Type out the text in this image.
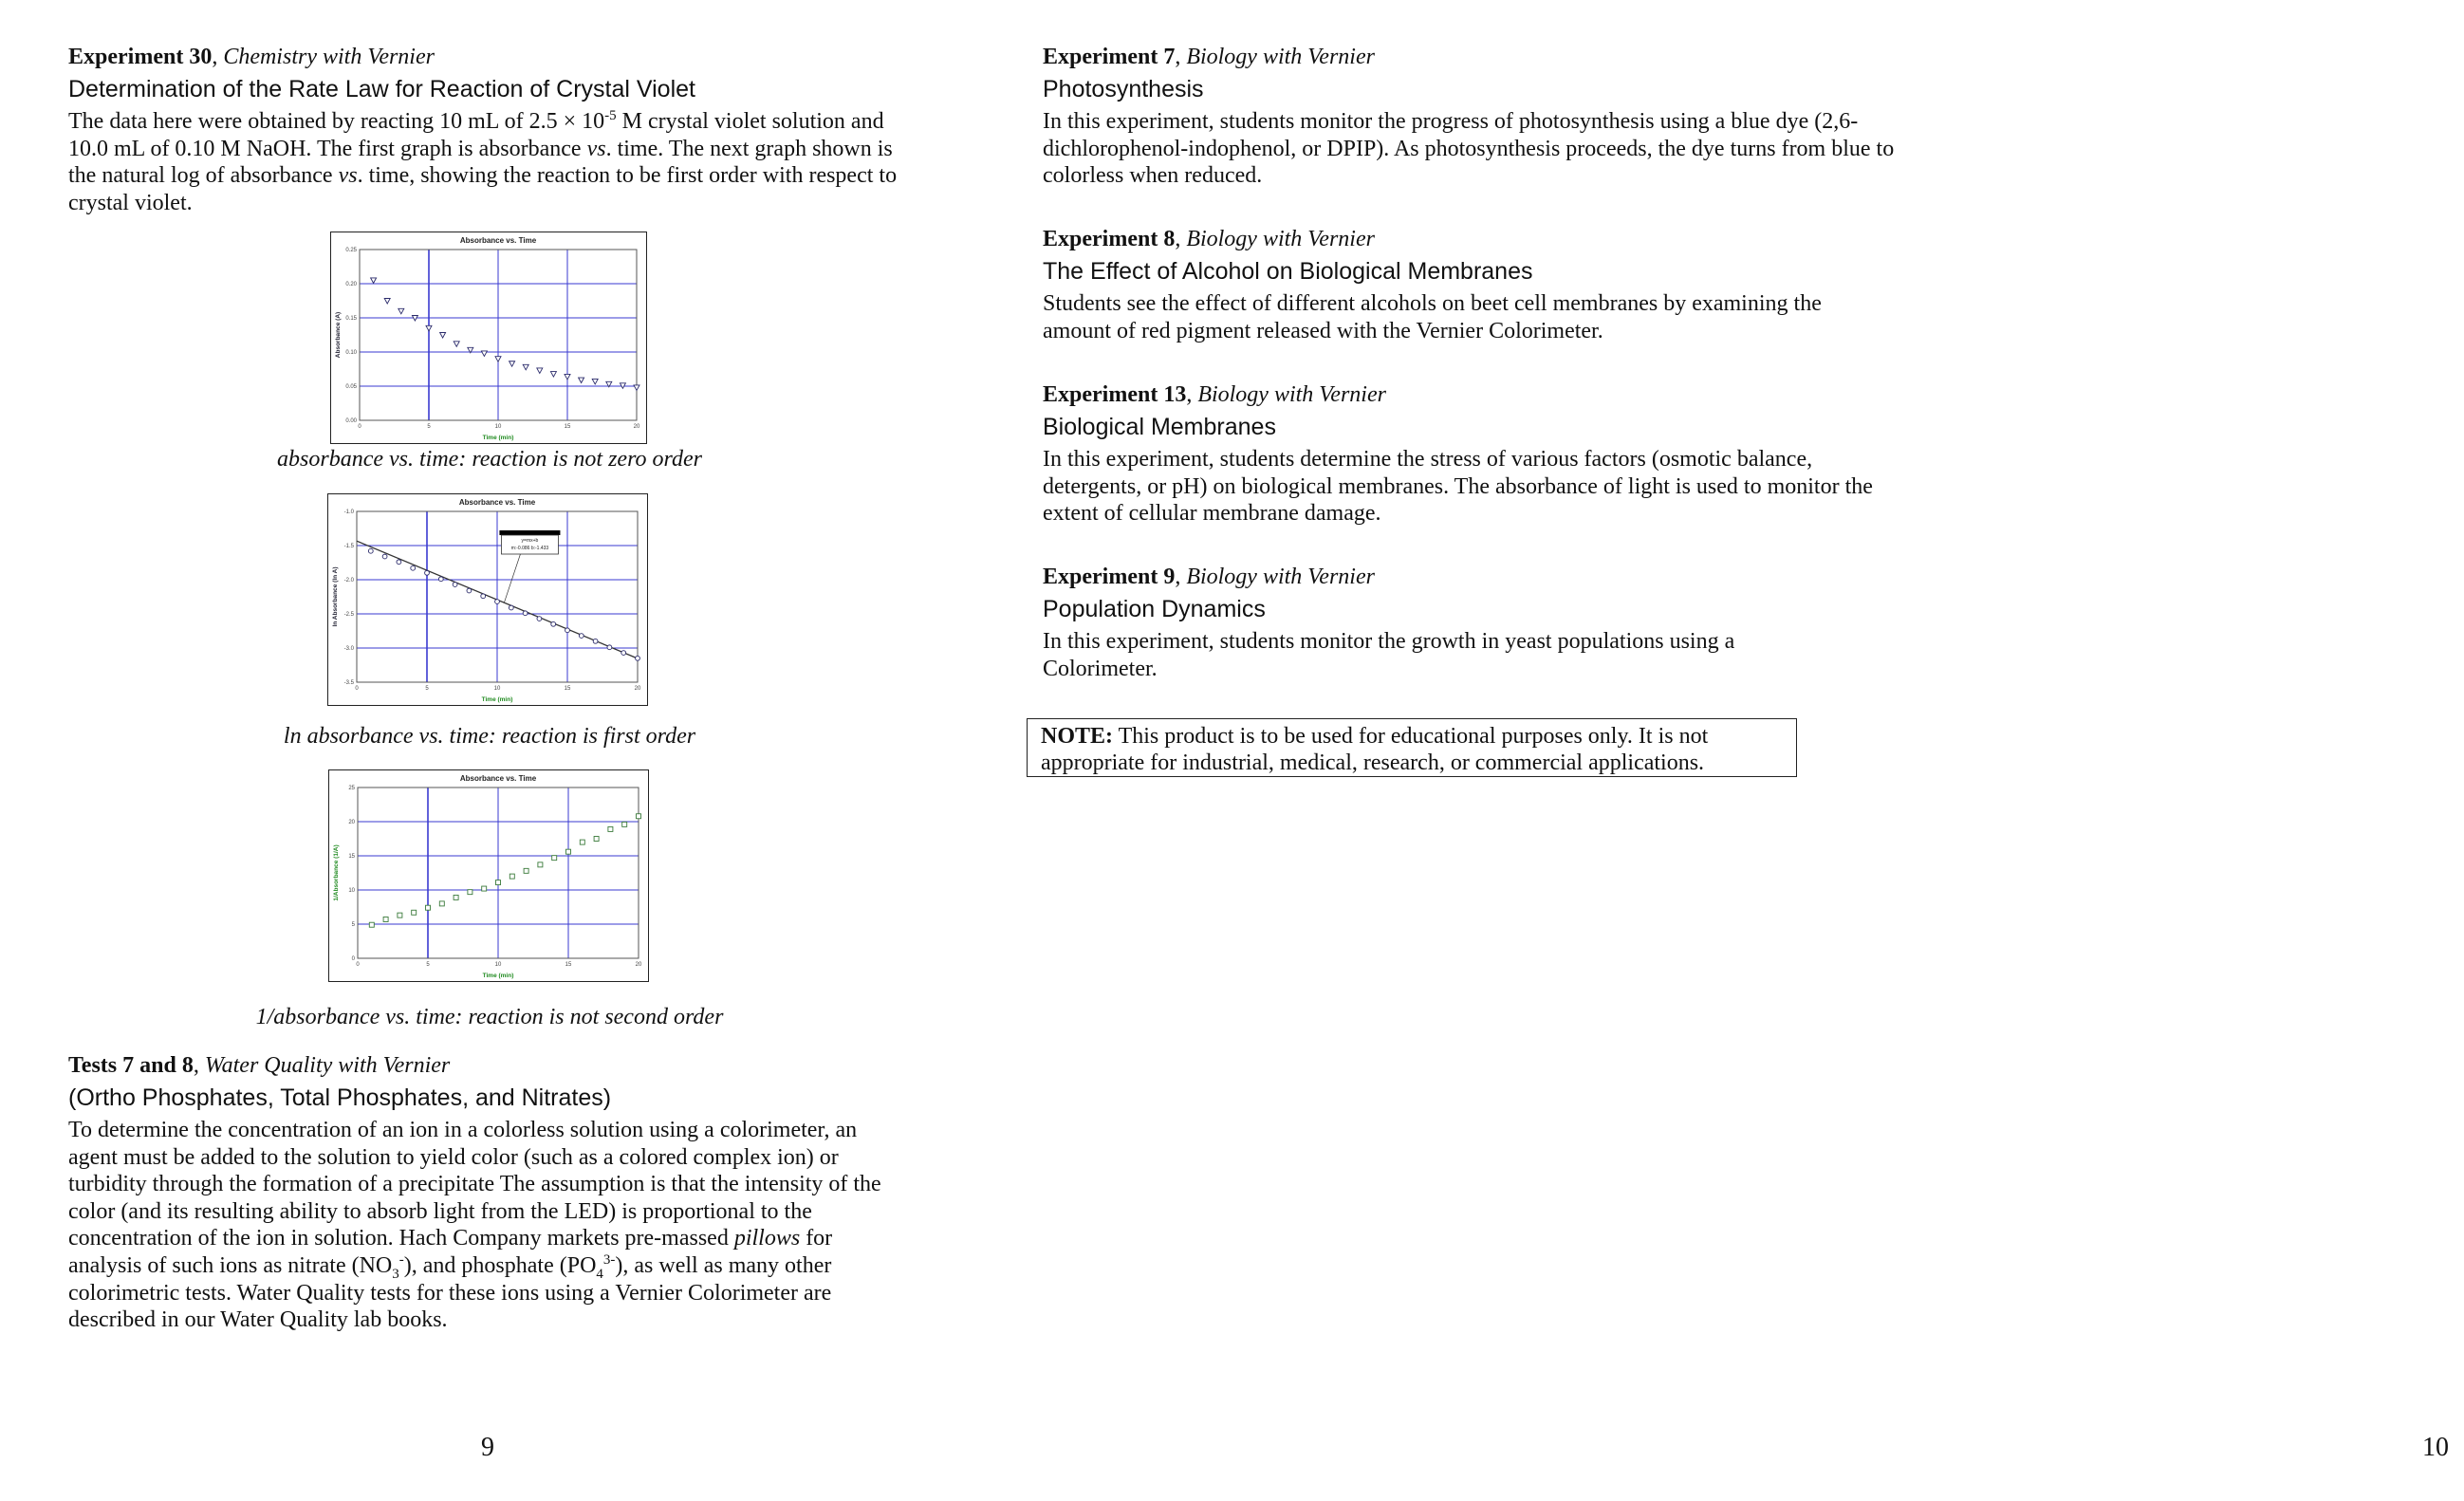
Experiment 30, Chemistry with Vernier
Determination of the Rate Law for Reaction of Crystal Violet

The data here were obtained by reacting 10 mL of $2.5 \times 10^{-5}$ M crystal violet solution and 10.0 mL of 0.10 M NaOH. The first graph is absorbance vs. time. The next graph shown is the natural log of absorbance vs. time, showing the reaction to be first order with respect to crystal violet.

Absorbance vs. Time
0	5	10	15	20
0.00
0.05
0.10
0.15
0.20
0.25
Time (min)
Absorbance (A)
absorbance vs. time: reaction is not zero order
Absorbance vs. Time
0	5	10	15	20
-1.0
-1.5
-2.0
-2.5
-3.0
-3.5
Time (min)
ln Absorbance (ln A)
y=mx+b
m:-0.086 b:-1.433
ln absorbance vs. time: reaction is first order
Absorbance vs. Time
0	5	10	15	20
0
5
10
15
20
25
Time (min)
1/Absorbance (1/A)
1/absorbance vs. time: reaction is not second order
Tests 7 and 8, Water Quality with Vernier
(Ortho Phosphates, Total Phosphates, and Nitrates)

To determine the concentration of an ion in a colorless solution using a colorimeter, an agent must be added to the solution to yield color (such as a colored complex ion) or turbidity through the formation of a precipitate The assumption is that the intensity of the color (and its resulting ability to absorb light from the LED) is proportional to the concentration of the ion in solution. Hach Company markets pre-massed pillows for analysis of such ions as nitrate $(NO_3^-)$, and phosphate $(PO_4^{3-})$, as well as many other colorimetric tests. Water Quality tests for these ions using a Vernier Colorimeter are described in our Water Quality lab books.

9
Experiment 7, Biology with Vernier
Photosynthesis
In this experiment, students monitor the progress of photosynthesis using a blue dye (2,6-dichlorophenol-indophenol, or DPIP). As photosynthesis proceeds, the dye turns from blue to colorless when reduced.
Experiment 8, Biology with Vernier
The Effect of Alcohol on Biological Membranes
Students see the effect of different alcohols on beet cell membranes by examining the amount of red pigment released with the Vernier Colorimeter.
Experiment 13, Biology with Vernier
Biological Membranes
In this experiment, students determine the stress of various factors (osmotic balance, detergents, or pH) on biological membranes. The absorbance of light is used to monitor the extent of cellular membrane damage.
Experiment 9, Biology with Vernier
Population Dynamics
In this experiment, students monitor the growth in yeast populations using a Colorimeter.
10
NOTE: This product is to be used for educational purposes only. It is not appropriate for industrial, medical, research, or commercial applications.
